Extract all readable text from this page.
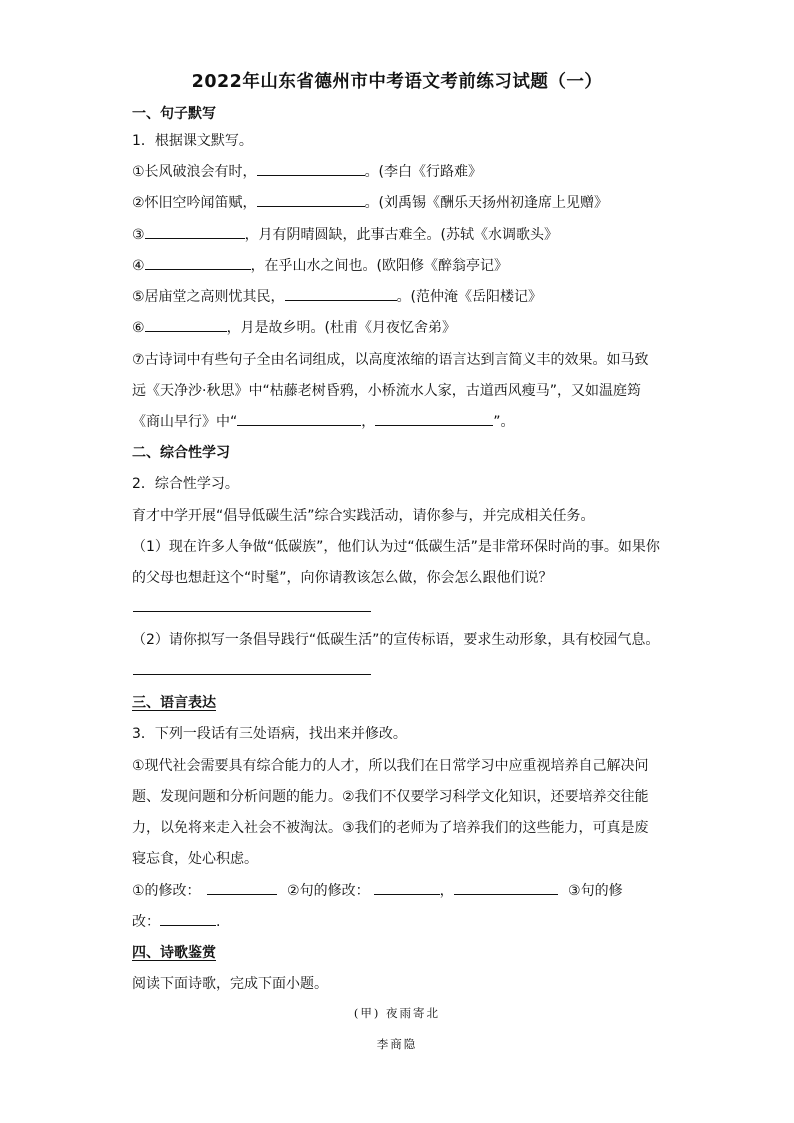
2022年山东省德州市中考语文考前练习试题（一）
一、句子默写
1．根据课文默写。
①长风破浪会有时，	。(李白《行路难》
②怀旧空吟闻笛赋，	。(刘禹锡《酬乐天扬州初逢席上见赠》
③	，月有阴晴圆缺，此事古难全。(苏轼《水调歌头》
④	，在乎山水之间也。(欧阳修《醉翁亭记》
⑤居庙堂之高则忧其民，	。(范仲淹《岳阳楼记》
⑥	，月是故乡明。(杜甫《月夜忆舍弟》
⑦古诗词中有些句子全由名词组成，以高度浓缩的语言达到言简义丰的效果。如马致
远《天净沙·秋思》中“枯藤老树昏鸦，小桥流水人家，古道西风瘦马”，又如温庭筠
《商山早行》中“	，	”。
二、综合性学习
2．综合性学习。
育才中学开展“倡导低碳生活”综合实践活动，请你参与，并完成相关任务。
（1）现在许多人争做“低碳族”，他们认为过“低碳生活”是非常环保时尚的事。如果你
的父母也想赶这个“时髦”，向你请教该怎么做，你会怎么跟他们说？
（2）请你拟写一条倡导践行“低碳生活”的宣传标语，要求生动形象，具有校园气息。
三、语言表达
3．下列一段话有三处语病，找出来并修改。
①现代社会需要具有综合能力的人才，所以我们在日常学习中应重视培养自己解决问
题、发现问题和分析问题的能力。②我们不仅要学习科学文化知识，还要培养交往能
力，以免将来走入社会不被淘汰。③我们的老师为了培养我们的这些能力，可真是废
寝忘食，处心积虑。
①的修改：	②句的修改：	，	③句的修
改：	.
四、诗歌鉴赏
阅读下面诗歌，完成下面小题。
(甲) 夜雨寄北
李商隐
